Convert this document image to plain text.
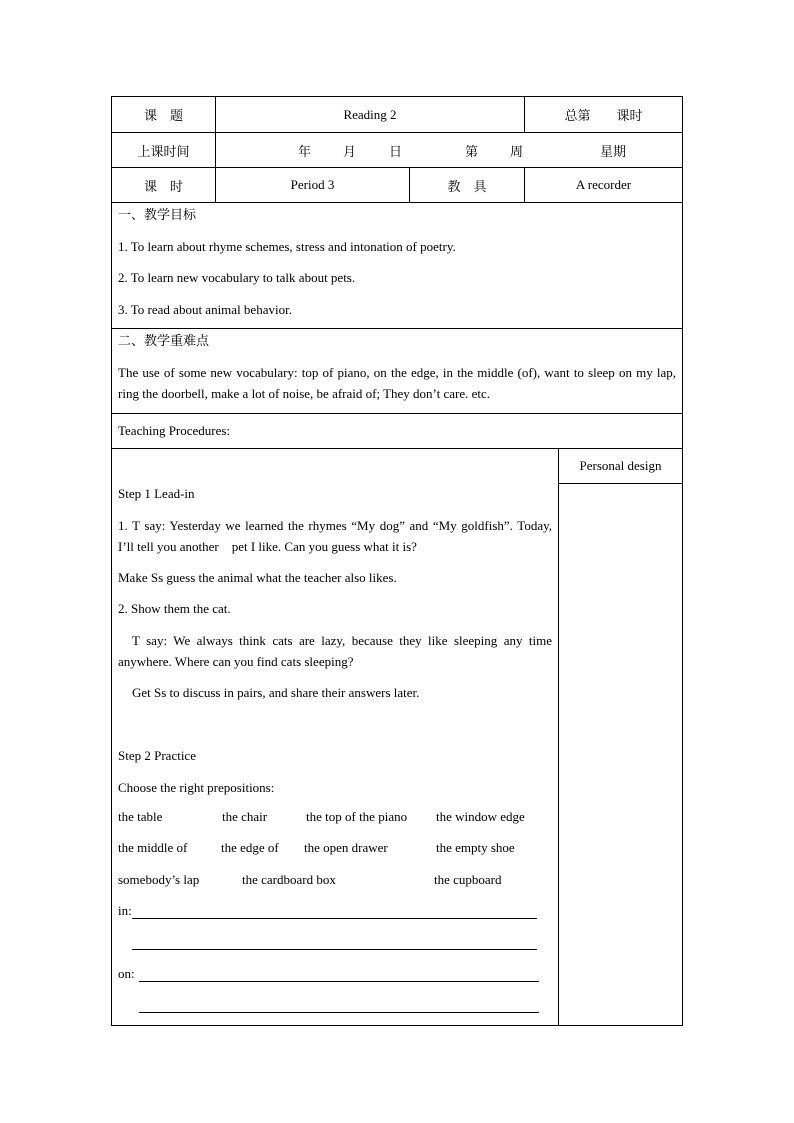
课　题	Reading 2	总第　　课时
上课时间	年 月	日	第 周	星期
课　时	Period 3	教　具	A recorder
一、教学目标
1. To learn about rhyme schemes, stress and intonation of poetry.
2. To learn new vocabulary to talk about pets.
3. To read about animal behavior.
二、教学重难点
The use of some new vocabulary: top of piano, on the edge, in the middle (of), want to sleep on my lap, ring the doorbell, make a lot of noise, be afraid of; They don’t care. etc.
Teaching Procedures:
Step 1 Lead-in
1. T say: Yesterday we learned the rhymes “My dog” and “My goldfish”. Today, I’ll tell you another　pet I like. Can you guess what it is?
Make Ss guess the animal what the teacher also likes.
2. Show them the cat.
T say: We always think cats are lazy, because they like sleeping any time anywhere. Where can you find cats sleeping?
Get Ss to discuss in pairs, and share their answers later.
Step 2 Practice
Choose the right prepositions:
the table	the chair	the top of the piano the window edge
the middle of	the edge of the open drawer	the empty shoe
somebody’s lap	the cardboard box	the cupboard
in:
on:
Personal design
